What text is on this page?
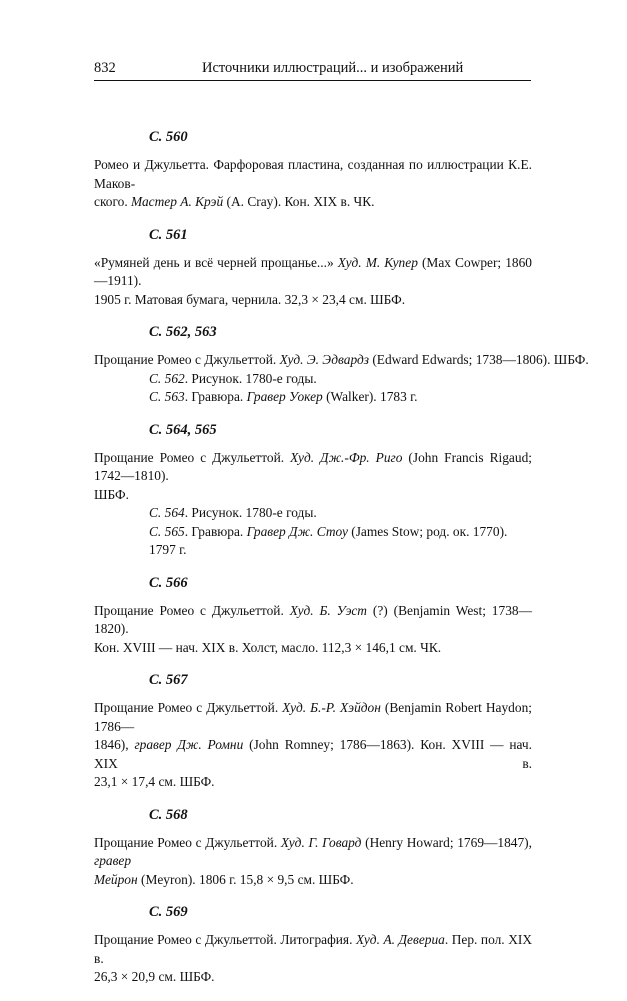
832	Источники иллюстраций... и изображений
С. 560
Ромео и Джульетта. Фарфоровая пластина, созданная по иллюстрации К.Е. Маков-
ского. Мастер А. Крэй (A. Cray). Кон. XIX в. ЧК.
С. 561
«Румяней день и всё черней прощанье...» Худ. М. Купер (Max Cowper; 1860—1911).
1905 г. Матовая бумага, чернила. 32,3 × 23,4 см. ШБФ.
С. 562, 563
Прощание Ромео с Джульеттой. Худ. Э. Эдвардз (Edward Edwards; 1738—1806). ШБФ.
С. 562. Рисунок. 1780-е годы.
С. 563. Гравюра. Гравер Уокер (Walker). 1783 г.
С. 564, 565
Прощание Ромео с Джульеттой. Худ. Дж.-Фр. Риго (John Francis Rigaud; 1742—1810).
ШБФ.
С. 564. Рисунок. 1780-е годы.
С. 565. Гравюра. Гравер Дж. Стоу (James Stow; род. ок. 1770). 1797 г.
С. 566
Прощание Ромео с Джульеттой. Худ. Б. Уэст (?) (Benjamin West; 1738—1820).
Кон. XVIII — нач. XIX в. Холст, масло. 112,3 × 146,1 см. ЧК.
С. 567
Прощание Ромео с Джульеттой. Худ. Б.-Р. Хэйдон (Benjamin Robert Haydon; 1786—
1846), гравер Дж. Ромни (John Romney; 1786—1863). Кон. XVIII — нач. XIX в.
23,1 × 17,4 см. ШБФ.
С. 568
Прощание Ромео с Джульеттой. Худ. Г. Говард (Henry Howard; 1769—1847), гравер
Мейрон (Meyron). 1806 г. 15,8 × 9,5 см. ШБФ.
С. 569
Прощание Ромео с Джульеттой. Литография. Худ. А. Девериа. Пер. пол. XIX в.
26,3 × 20,9 см. ШБФ.
